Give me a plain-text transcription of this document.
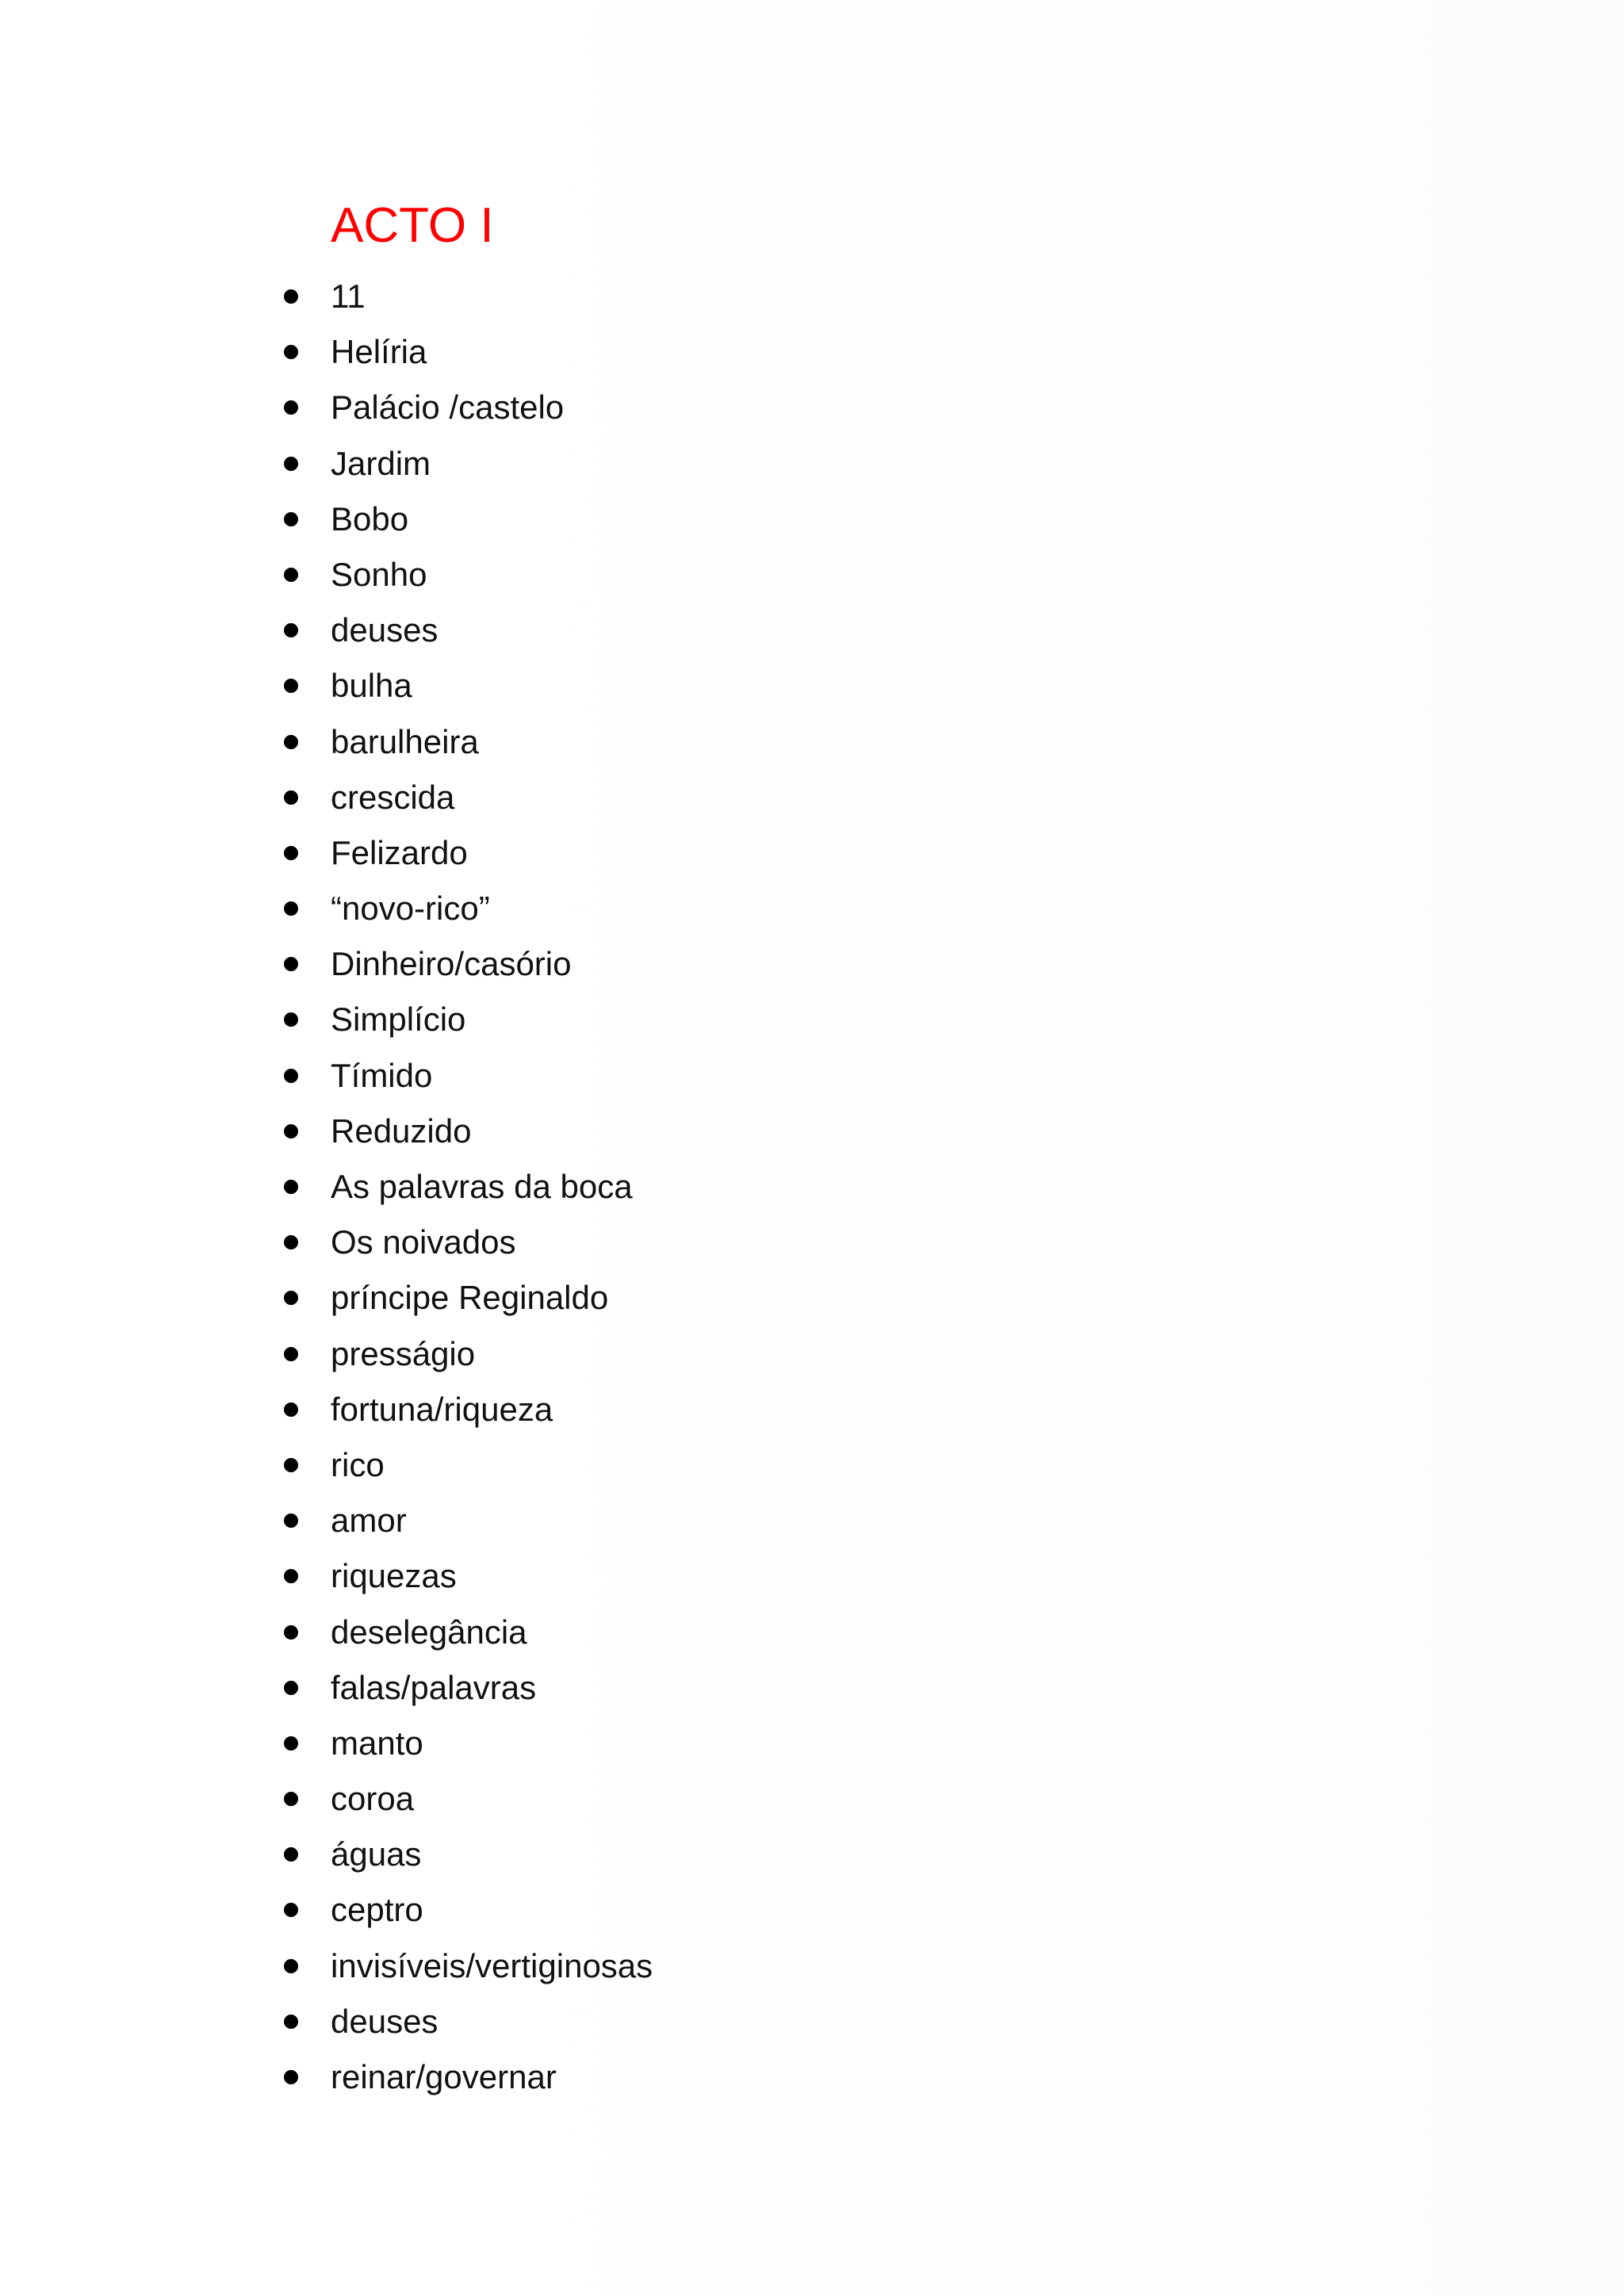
ACTO I
11
Helíria
Palácio /castelo
Jardim
Bobo
Sonho
deuses
bulha
barulheira
crescida
Felizardo
“novo-rico”
Dinheiro/casório
Simplício
Tímido
Reduzido
As palavras da boca
Os noivados
príncipe Reginaldo
presságio
fortuna/riqueza
rico
amor
riquezas
deselegância
falas/palavras
manto
coroa
águas
ceptro
invisíveis/vertiginosas
deuses
reinar/governar
